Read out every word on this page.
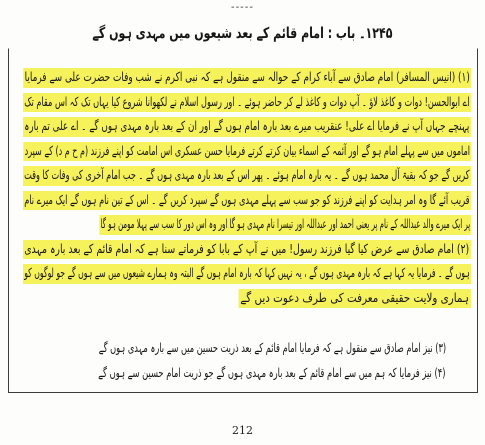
-----
۱۲۴۵۔ باب : امام قائم کے بعد شیعوں میں مہدی ہوں گے
(۱) (انیس المسافر) امام صادق سے آباء کرام کے حوالہ سے منقول ہے کہ نبی اکرم نے شب وفات حضرت علی سے فرمایا
اے ابوالحسن! دوات و کاغذ لاؤ ۔ آپ دوات و کاغذ لے کر حاضر ہوئے ۔ اور رسول اسلام نے لکھوانا شروع کیا یہاں تک کہ اس مقام تک
پہنچے جہاں آپ نے فرمایا اے علی! عنقریب میرے بعد بارہ امام ہوں گے اور ان کے بعد بارہ مہدی ہوں گے ۔ اے علی تم بارہ
اماموں میں سے پہلے امام ہو گے اور آئمہ کے اسماء بیان کرتے کرتے فرمایا حسن عسکری اس امامت کو اپنے فرزند (م ح م د) کے سپرد
کریں گے جو کہ بقیۃ آل محمد ہوں گے ۔ یہ بارہ امام ہوئے ۔ پھر اس کے بعد بارہ مہدی ہوں گے ۔ جب امام آخری کی وفات کا وقت
قریب آئے گا وہ امر ہدایت کو اپنے فرزند کو جو سب سے پہلے مہدی ہوں گے سپرد کریں گے ۔ اس کے تین نام ہوں گے ایک میرے نام
پر ایک میرے والد عبداللہ کے نام پر یعنی احمد اور عبداللہ اور تیسرا نام مہدی ہو گا اور وہ اس دور کا سب سے پہلا مومن ہو گا
(۲) امام صادق سے عرض کیا گیا فرزند رسول! میں نے آپ کے بابا کو فرماتے سنا ہے کہ امام قائم کے بعد بارہ مہدی
ہوں گے ۔ فرمایا یہ کہا ہے کہ بارہ مہدی ہوں گے ، یہ نہیں کہا کہ بارہ امام ہوں گے البتہ وہ ہمارے شیعوں میں سے ہوں گے جو لوگوں کو
ہماری ولایت حقیقی معرفت کی طرف دعوت دیں گے
(۳) نیز امام صادق سے منقول ہے کہ فرمایا امام قائم کے بعد ذریت حسین میں سے بارہ مہدی ہوں گے
(۴) نیز فرمایا کہ ہم میں سے امام قائم کے بعد بارہ مہدی ہوں گے جو ذریت امام حسین سے ہوں گے
212
